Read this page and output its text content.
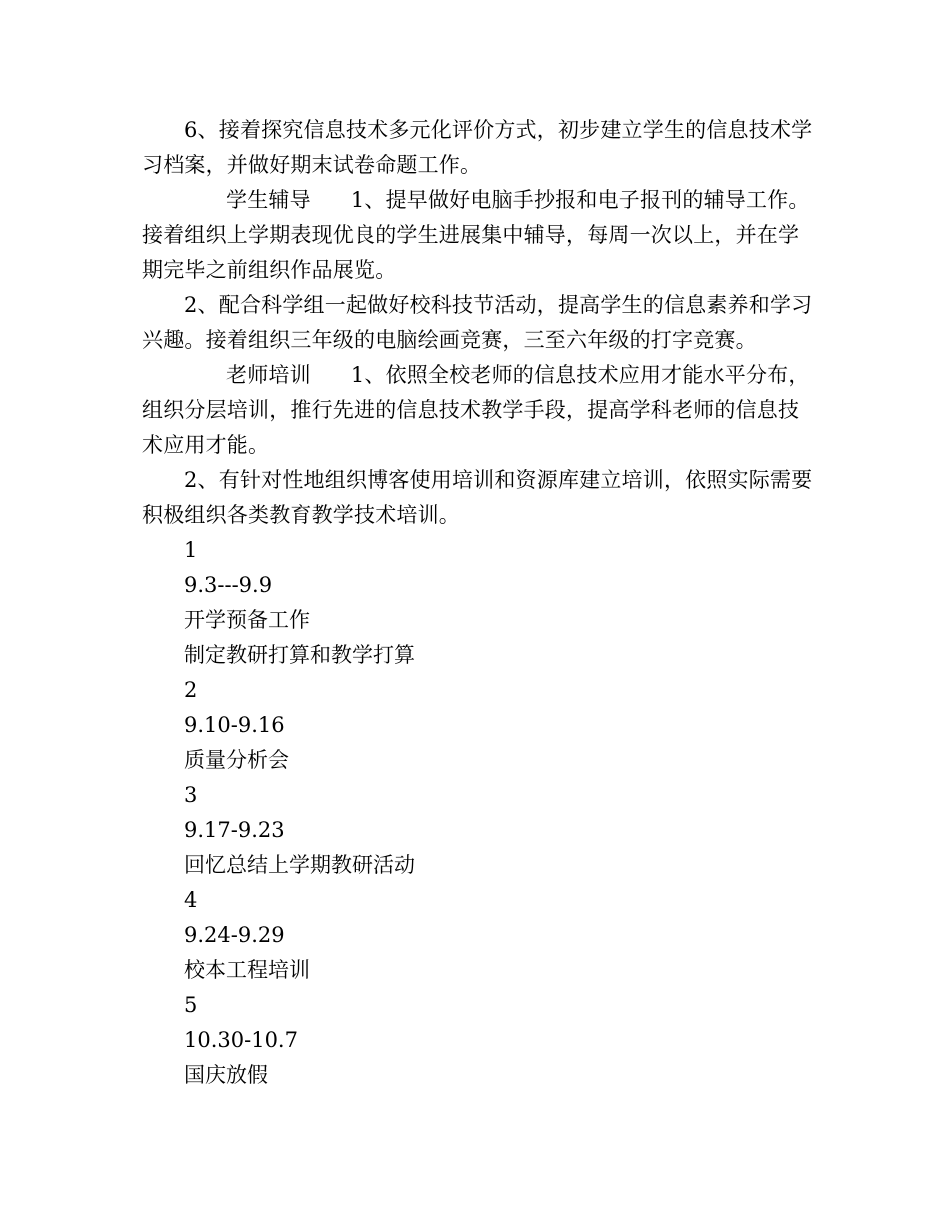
6、接着探究信息技术多元化评价方式，初步建立学生的信息技术学习档案，并做好期末试卷命题工作。

学生辅导 1、提早做好电脑手抄报和电子报刊的辅导工作。接着组织上学期表现优良的学生进展集中辅导，每周一次以上，并在学期完毕之前组织作品展览。

2、配合科学组一起做好校科技节活动，提高学生的信息素养和学习兴趣。接着组织三年级的电脑绘画竞赛，三至六年级的打字竞赛。

老师培训 1、依照全校老师的信息技术应用才能水平分布，组织分层培训，推行先进的信息技术教学手段，提高学科老师的信息技术应用才能。

2、有针对性地组织博客使用培训和资源库建立培训，依照实际需要积极组织各类教育教学技术培训。

1

9.3---9.9

开学预备工作

制定教研打算和教学打算

2

9.10-9.16

质量分析会

3

9.17-9.23

回忆总结上学期教研活动

4

9.24-9.29

校本工程培训

5

10.30-10.7

国庆放假
